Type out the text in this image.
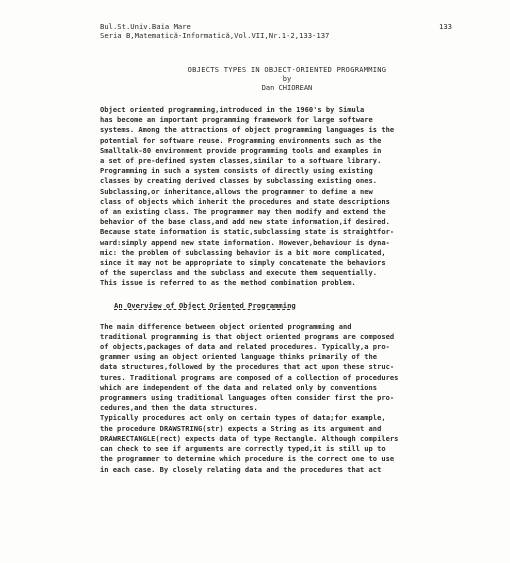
Bul.St.Univ.Baia Mare
Seria B,Matematică-Informatică,Vol.VII,Nr.1-2,133-137
133
OBJECTS TYPES IN OBJECT-ORIENTED PROGRAMMING
by
Dan CHIOREAN

Object oriented programming,introduced in the 1960's by Simula
has become an important programming framework for large software
systems. Among the attractions of object programming languages is the
potential for software reuse. Programming environments such as the
Smalltalk-80 environment provide programming tools and examples in
a set of pre-defined system classes,similar to a software library.
Programming in such a system consists of directly using existing
classes by creating derived classes by subclassing existing ones.

Subclassing,or inheritance,allows the programmer to define a new
class of objects which inherit the procedures and state descriptions
of an existing class. The programmer may then modify and extend the
behavior of the base class,and add new state information,if desired.
Because state information is static,subclassing state is straightfor-
ward:simply append new state information. However,behaviour is dyna-
mic: the problem of subclassing behavior is a bit more complicated,
since it may not be appropriate to simply concatenate the behaviors
of the superclass and the subclass and execute them sequentially.
This issue is referred to as the method combination problem.

An Overview of Object Oriented Programming

The main difference between object oriented programming and
traditional programming is that object oriented programs are composed
of objects,packages of data and related procedures. Typically,a pro-
grammer using an object oriented language thinks primarily of the
data structures,followed by the procedures that act upon these struc-
tures. Traditional programs are composed of a collection of procedures
which are independent of the data and related only by conventions
programmers using traditional languages often consider first the pro-
cedures,and then the data structures.

Typically procedures act only on certain types of data;for example,
the procedure DRAWSTRING(str) expects a String as its argument and
DRAWRECTANGLE(rect) expects data of type Rectangle. Although compilers
can check to see if arguments are correctly typed,it is still up to
the programmer to determine which procedure is the correct one to use
in each case. By closely relating data and the procedures that act
